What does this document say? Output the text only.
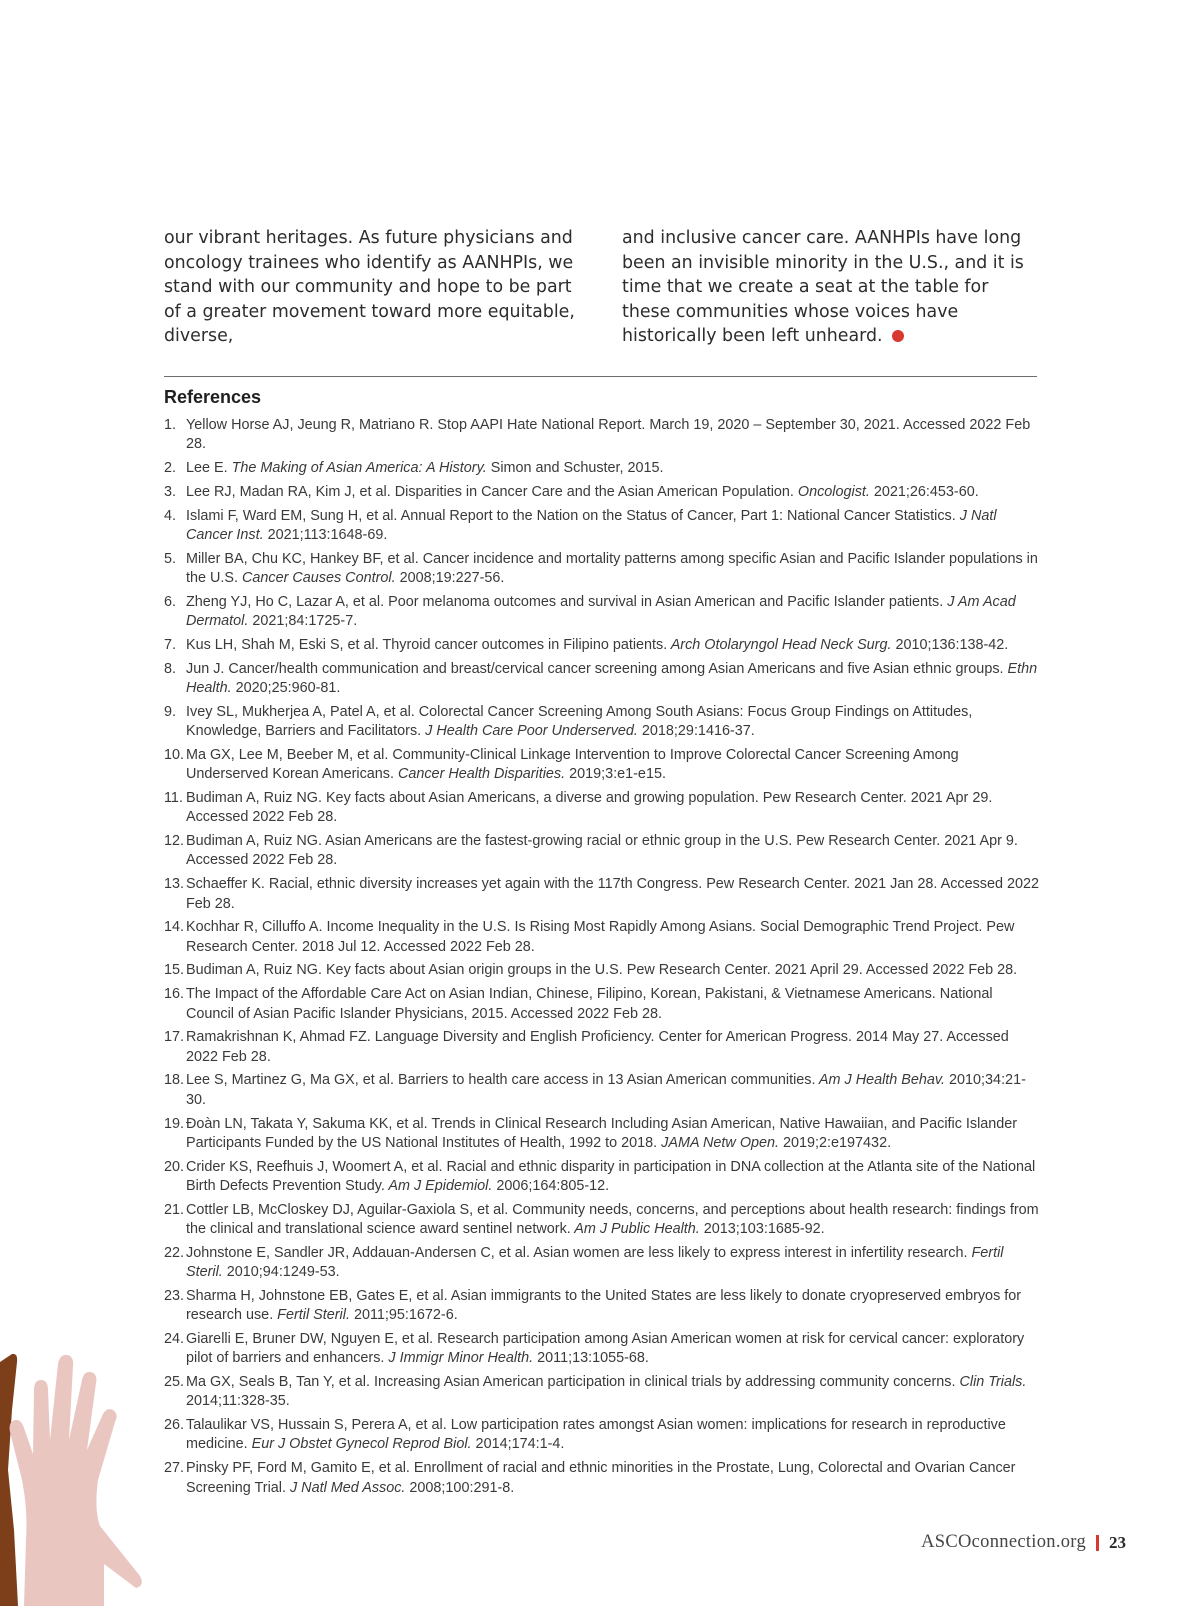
our vibrant heritages. As future physicians and oncology trainees who identify as AANHPIs, we stand with our community and hope to be part of a greater movement toward more equitable, diverse,
and inclusive cancer care. AANHPIs have long been an invisible minority in the U.S., and it is time that we create a seat at the table for these communities whose voices have historically been left unheard.
References
1. Yellow Horse AJ, Jeung R, Matriano R. Stop AAPI Hate National Report. March 19, 2020 – September 30, 2021. Accessed 2022 Feb 28.
2. Lee E. The Making of Asian America: A History. Simon and Schuster, 2015.
3. Lee RJ, Madan RA, Kim J, et al. Disparities in Cancer Care and the Asian American Population. Oncologist. 2021;26:453-60.
4. Islami F, Ward EM, Sung H, et al. Annual Report to the Nation on the Status of Cancer, Part 1: National Cancer Statistics. J Natl Cancer Inst. 2021;113:1648-69.
5. Miller BA, Chu KC, Hankey BF, et al. Cancer incidence and mortality patterns among specific Asian and Pacific Islander populations in the U.S. Cancer Causes Control. 2008;19:227-56.
6. Zheng YJ, Ho C, Lazar A, et al. Poor melanoma outcomes and survival in Asian American and Pacific Islander patients. J Am Acad Dermatol. 2021;84:1725-7.
7. Kus LH, Shah M, Eski S, et al. Thyroid cancer outcomes in Filipino patients. Arch Otolaryngol Head Neck Surg. 2010;136:138-42.
8. Jun J. Cancer/health communication and breast/cervical cancer screening among Asian Americans and five Asian ethnic groups. Ethn Health. 2020;25:960-81.
9. Ivey SL, Mukherjea A, Patel A, et al. Colorectal Cancer Screening Among South Asians: Focus Group Findings on Attitudes, Knowledge, Barriers and Facilitators. J Health Care Poor Underserved. 2018;29:1416-37.
10. Ma GX, Lee M, Beeber M, et al. Community-Clinical Linkage Intervention to Improve Colorectal Cancer Screening Among Underserved Korean Americans. Cancer Health Disparities. 2019;3:e1-e15.
11. Budiman A, Ruiz NG. Key facts about Asian Americans, a diverse and growing population. Pew Research Center. 2021 Apr 29. Accessed 2022 Feb 28.
12. Budiman A, Ruiz NG. Asian Americans are the fastest-growing racial or ethnic group in the U.S. Pew Research Center. 2021 Apr 9. Accessed 2022 Feb 28.
13. Schaeffer K. Racial, ethnic diversity increases yet again with the 117th Congress. Pew Research Center. 2021 Jan 28. Accessed 2022 Feb 28.
14. Kochhar R, Cilluffo A. Income Inequality in the U.S. Is Rising Most Rapidly Among Asians. Social Demographic Trend Project. Pew Research Center. 2018 Jul 12. Accessed 2022 Feb 28.
15. Budiman A, Ruiz NG. Key facts about Asian origin groups in the U.S. Pew Research Center. 2021 April 29. Accessed 2022 Feb 28.
16. The Impact of the Affordable Care Act on Asian Indian, Chinese, Filipino, Korean, Pakistani, & Vietnamese Americans. National Council of Asian Pacific Islander Physicians, 2015. Accessed 2022 Feb 28.
17. Ramakrishnan K, Ahmad FZ. Language Diversity and English Proficiency. Center for American Progress. 2014 May 27. Accessed 2022 Feb 28.
18. Lee S, Martinez G, Ma GX, et al. Barriers to health care access in 13 Asian American communities. Am J Health Behav. 2010;34:21-30.
19. Đoàn LN, Takata Y, Sakuma KK, et al. Trends in Clinical Research Including Asian American, Native Hawaiian, and Pacific Islander Participants Funded by the US National Institutes of Health, 1992 to 2018. JAMA Netw Open. 2019;2:e197432.
20. Crider KS, Reefhuis J, Woomert A, et al. Racial and ethnic disparity in participation in DNA collection at the Atlanta site of the National Birth Defects Prevention Study. Am J Epidemiol. 2006;164:805-12.
21. Cottler LB, McCloskey DJ, Aguilar-Gaxiola S, et al. Community needs, concerns, and perceptions about health research: findings from the clinical and translational science award sentinel network. Am J Public Health. 2013;103:1685-92.
22. Johnstone E, Sandler JR, Addauan-Andersen C, et al. Asian women are less likely to express interest in infertility research. Fertil Steril. 2010;94:1249-53.
23. Sharma H, Johnstone EB, Gates E, et al. Asian immigrants to the United States are less likely to donate cryopreserved embryos for research use. Fertil Steril. 2011;95:1672-6.
24. Giarelli E, Bruner DW, Nguyen E, et al. Research participation among Asian American women at risk for cervical cancer: exploratory pilot of barriers and enhancers. J Immigr Minor Health. 2011;13:1055-68.
25. Ma GX, Seals B, Tan Y, et al. Increasing Asian American participation in clinical trials by addressing community concerns. Clin Trials. 2014;11:328-35.
26. Talaulikar VS, Hussain S, Perera A, et al. Low participation rates amongst Asian women: implications for research in reproductive medicine. Eur J Obstet Gynecol Reprod Biol. 2014;174:1-4.
27. Pinsky PF, Ford M, Gamito E, et al. Enrollment of racial and ethnic minorities in the Prostate, Lung, Colorectal and Ovarian Cancer Screening Trial. J Natl Med Assoc. 2008;100:291-8.
ASCOconnection.org 23
